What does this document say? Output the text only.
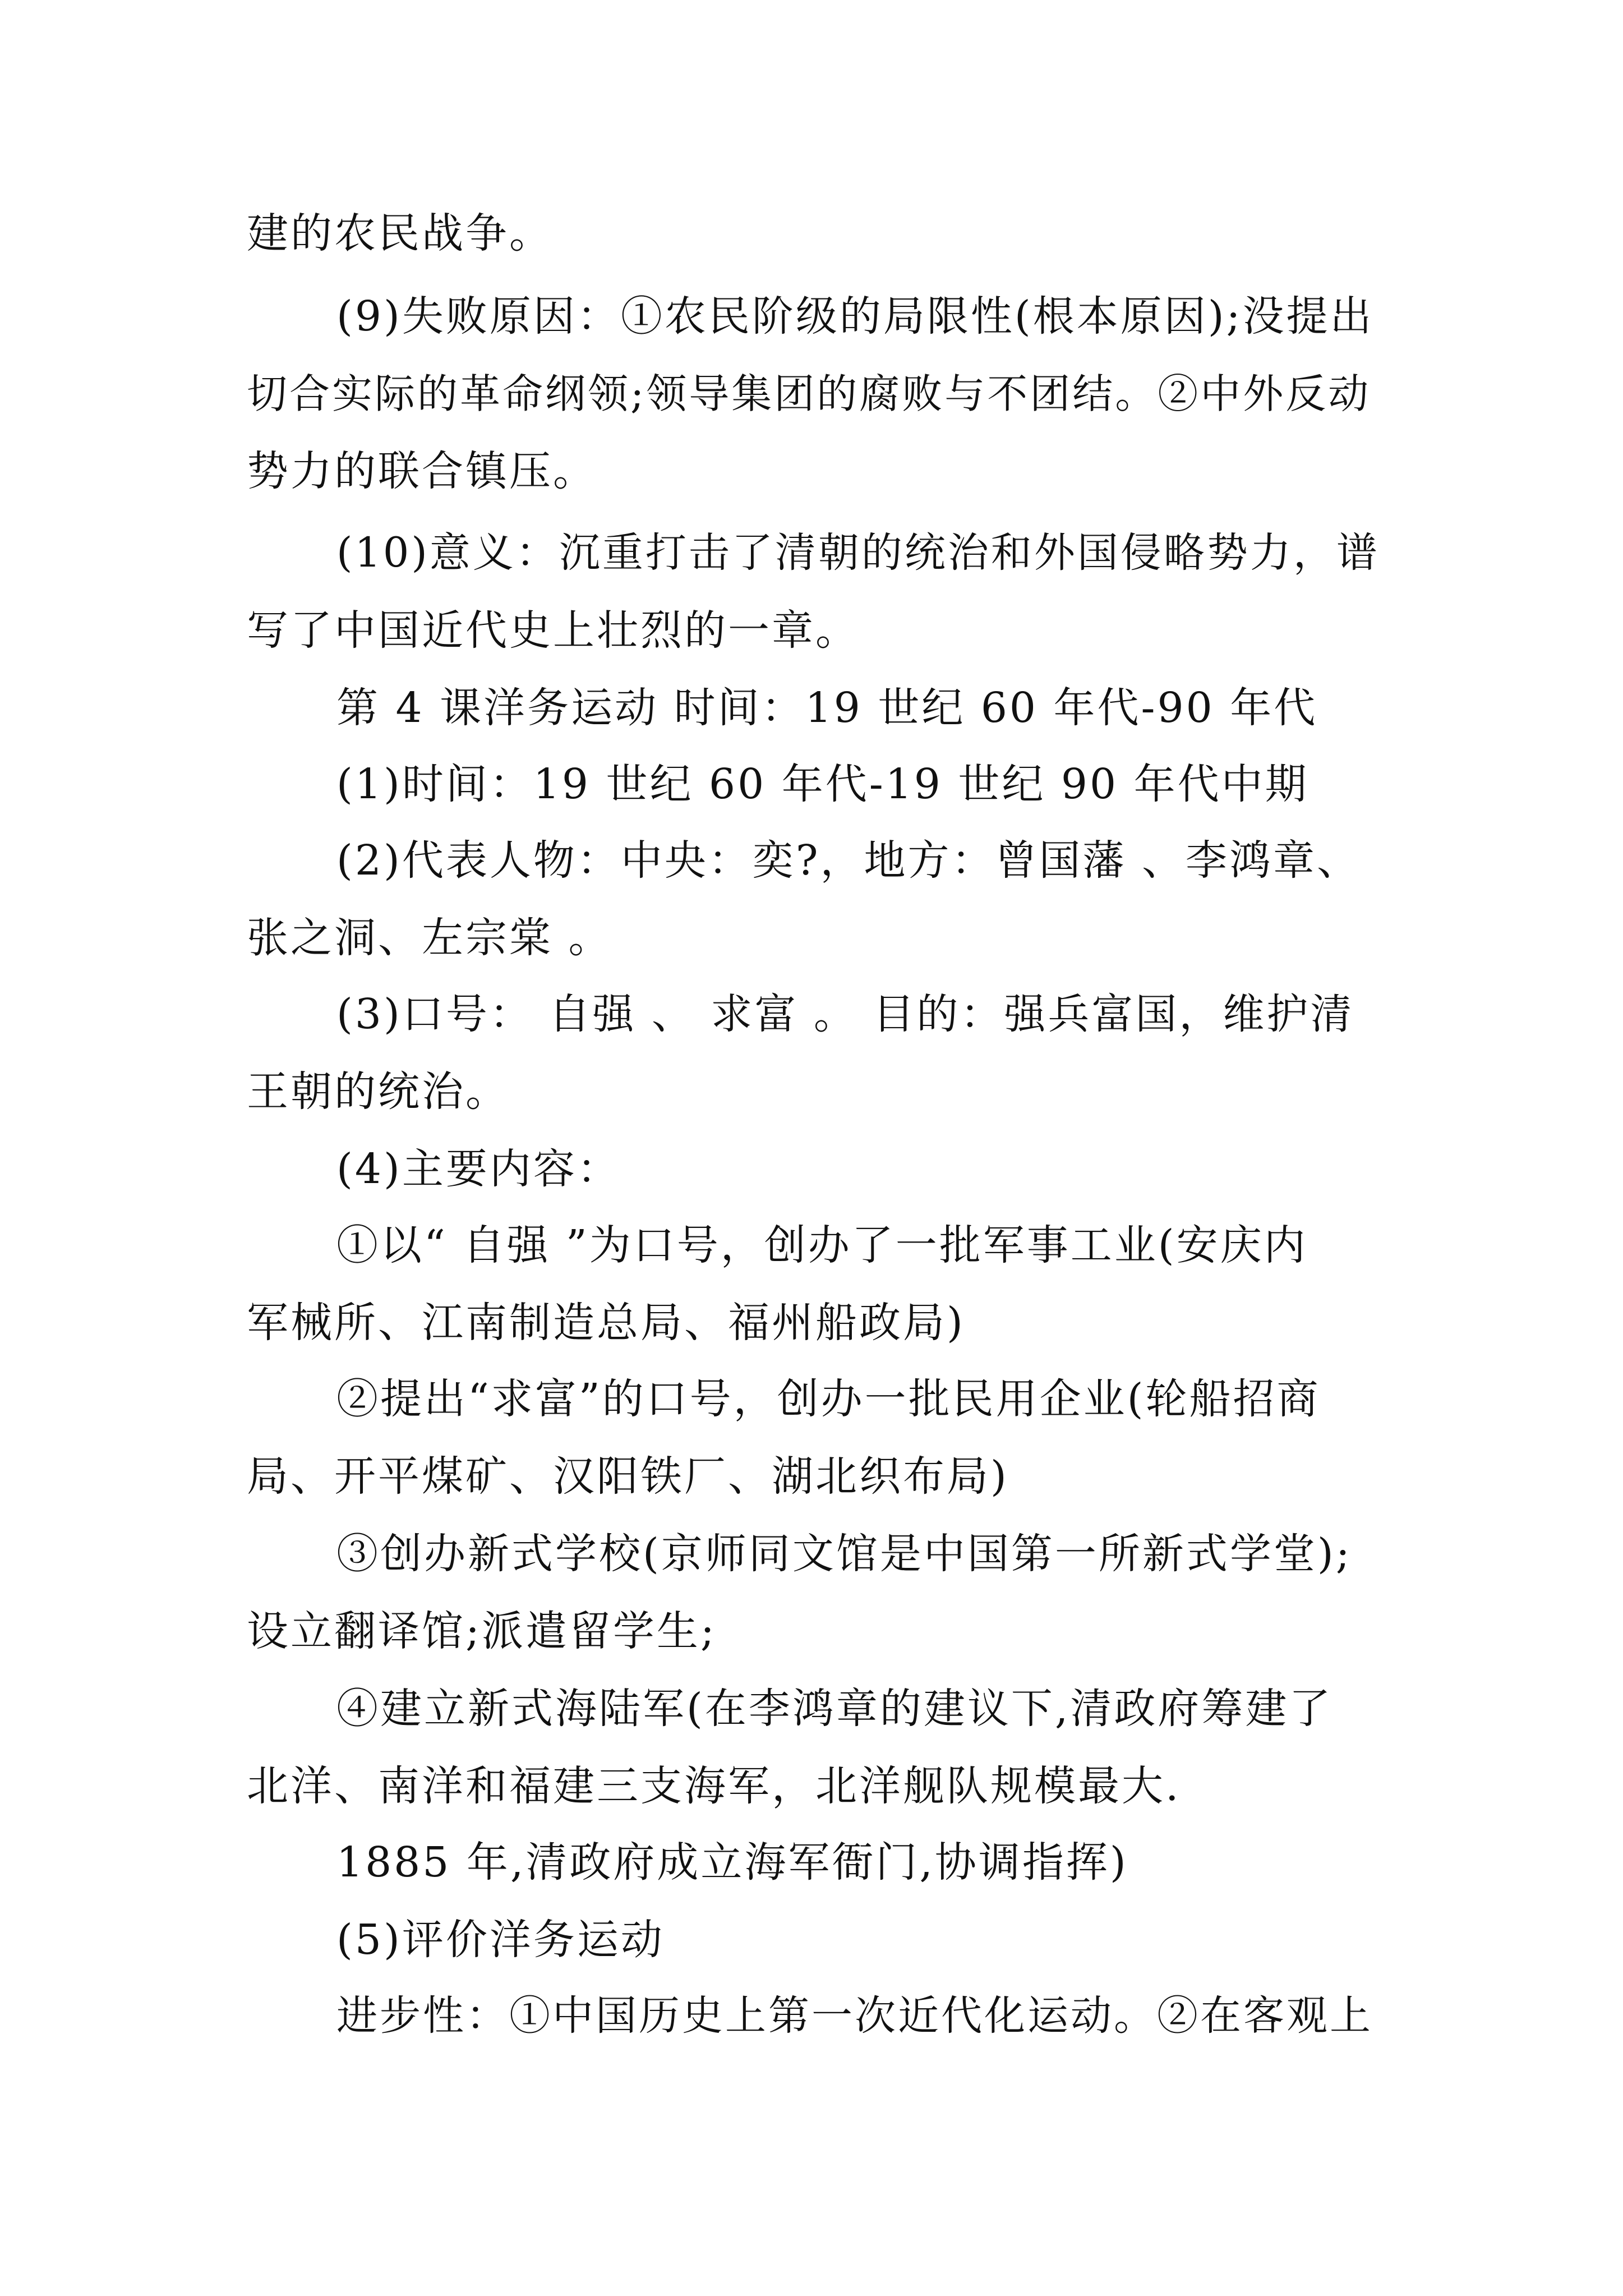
建的农民战争。
(9)失败原因：①农民阶级的局限性(根本原因);没提出
切合实际的革命纲领;领导集团的腐败与不团结。②中外反动
势力的联合镇压。
(10)意义：沉重打击了清朝的统治和外国侵略势力，谱
写了中国近代史上壮烈的一章。
第 4 课洋务运动 时间：19 世纪 60 年代-90 年代
(1)时间：19 世纪 60 年代-19 世纪 90 年代中期
(2)代表人物：中央：奕?，地方：曾国藩 、李鸿章、
张之洞、左宗棠 。
(3)口号： 自强 、 求富 。 目的：强兵富国，维护清
王朝的统治。
(4)主要内容：
①以“ 自强 ”为口号，创办了一批军事工业(安庆内
军械所、江南制造总局、福州船政局)
②提出“求富”的口号，创办一批民用企业(轮船招商
局、开平煤矿、汉阳铁厂、湖北织布局)
③创办新式学校(京师同文馆是中国第一所新式学堂);
设立翻译馆;派遣留学生;
④建立新式海陆军(在李鸿章的建议下,清政府筹建了
北洋、南洋和福建三支海军，北洋舰队规模最大.
1885 年,清政府成立海军衙门,协调指挥)
(5)评价洋务运动
进步性：①中国历史上第一次近代化运动。②在客观上
